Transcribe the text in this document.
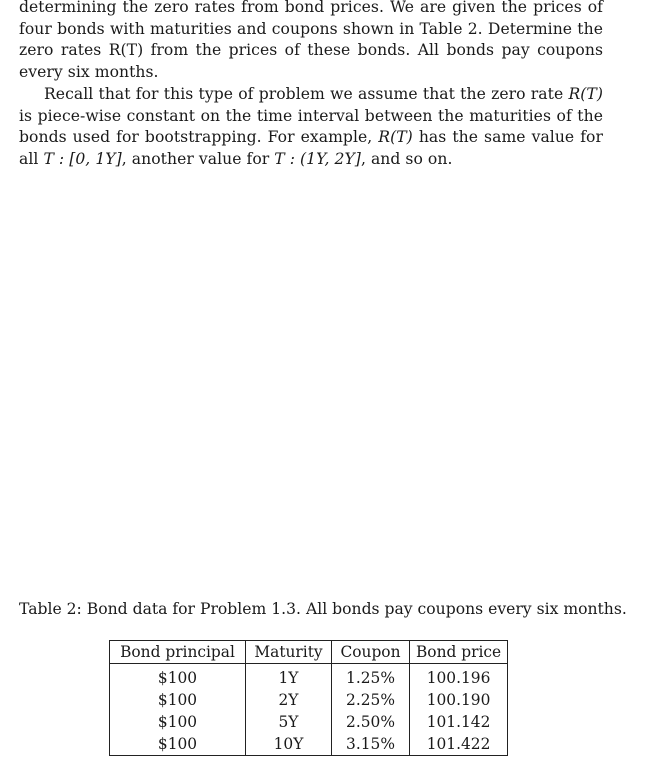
determining the zero rates from bond prices. We are given the prices of four bonds with maturities and coupons shown in Table 2. Determine the zero rates R(T) from the prices of these bonds. All bonds pay coupons every six months.

Recall that for this type of problem we assume that the zero rate R(T) is piece-wise constant on the time interval between the maturities of the bonds used for bootstrapping. For example, R(T) has the same value for all T : [0, 1Y], another value for T : (1Y, 2Y], and so on.

Table 2: Bond data for Problem 1.3. All bonds pay coupons every six months.

Bond principal	Maturity	Coupon	Bond price

$100	1Y	1.25%	100.196
$100	2Y	2.25%	100.190
$100	5Y	2.50%	101.142
$100	10Y	3.15%	101.422
